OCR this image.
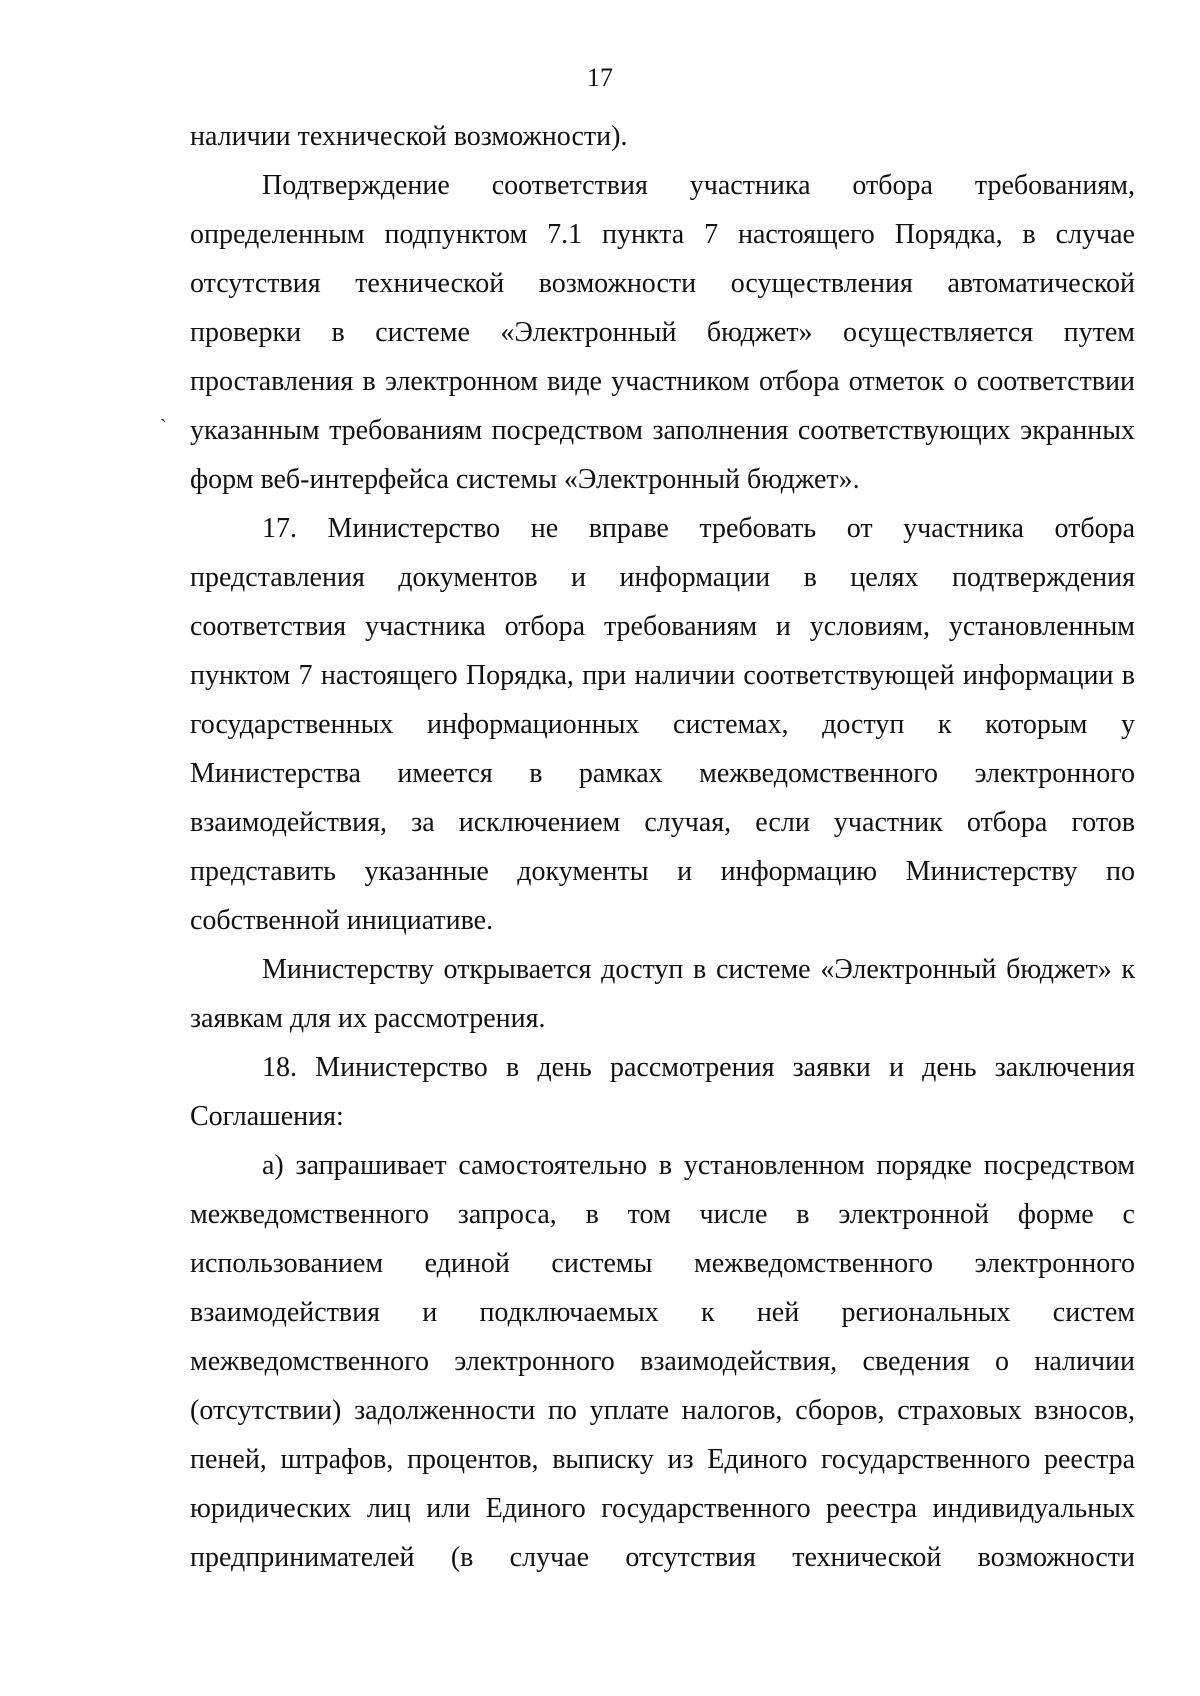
17
`
наличии технической возможности).
Подтверждение соответствия участника отбора требованиям,
определенным подпунктом 7.1 пункта 7 настоящего Порядка, в случае
отсутствия технической возможности осуществления автоматической
проверки в системе «Электронный бюджет» осуществляется путем
проставления в электронном виде участником отбора отметок о соответствии
указанным требованиям посредством заполнения соответствующих экранных
форм веб-интерфейса системы «Электронный бюджет».
17. Министерство не вправе требовать от участника отбора
представления документов и информации в целях подтверждения
соответствия участника отбора требованиям и условиям, установленным
пунктом 7 настоящего Порядка, при наличии соответствующей информации в
государственных информационных системах, доступ к которым у
Министерства имеется в рамках межведомственного электронного
взаимодействия, за исключением случая, если участник отбора готов
представить указанные документы и информацию Министерству по
собственной инициативе.
Министерству открывается доступ в системе «Электронный бюджет» к
заявкам для их рассмотрения.
18. Министерство в день рассмотрения заявки и день заключения
Соглашения:
а) запрашивает самостоятельно в установленном порядке посредством
межведомственного запроса, в том числе в электронной форме с
использованием единой системы межведомственного электронного
взаимодействия и подключаемых к ней региональных систем
межведомственного электронного взаимодействия, сведения о наличии
(отсутствии) задолженности по уплате налогов, сборов, страховых взносов,
пеней, штрафов, процентов, выписку из Единого государственного реестра
юридических лиц или Единого государственного реестра индивидуальных
предпринимателей (в случае отсутствия технической возможности
